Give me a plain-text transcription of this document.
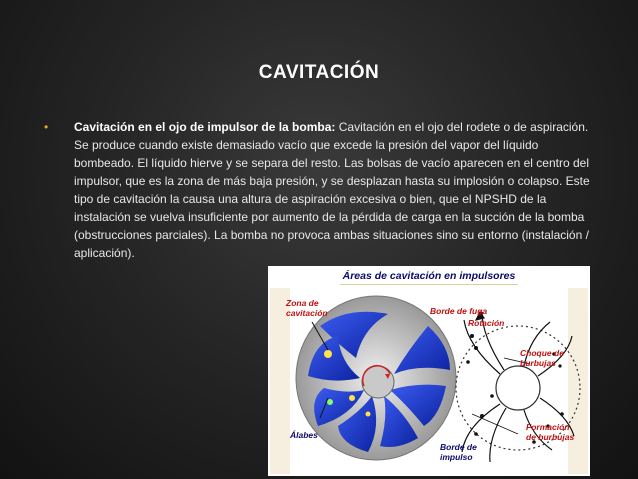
CAVITACIÓN
• Cavitación en el ojo de impulsor de la bomba: Cavitación en el ojo del rodete o de aspiración. Se produce cuando existe demasiado vacío que excede la presión del vapor del líquido bombeado. El líquido hierve y se separa del resto. Las bolsas de vacío aparecen en el centro del impulsor, que es la zona de más baja presión, y se desplazan hasta su implosión o colapso. Este tipo de cavitación la causa una altura de aspiración excesiva o bien, que el NPSHD de la instalación se vuelva insuficiente por aumento de la pérdida de carga en la succión de la bomba (obstrucciones parciales). La bomba no provoca ambas situaciones sino su entorno (instalación / aplicación).
Áreas de cavitación en impulsores
Zona de
cavitación	Borde de fuga
Rotación
Choque de burbujas
Formación
de burbujas
Álabes
Borde de
impulso
